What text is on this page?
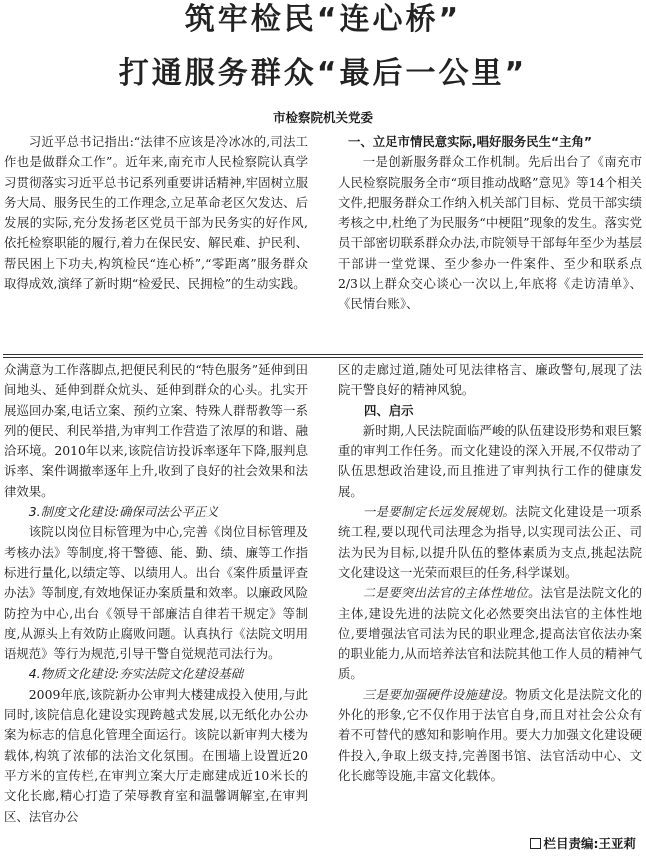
筑牢检民“连心桥”
打通服务群众“最后一公里”
市检察院机关党委

习近平总书记指出:“法律不应该是冷冰冰的,司法工作也是做群众工作”。近年来,南充市人民检察院认真学习贯彻落实习近平总书记系列重要讲话精神,牢固树立服务大局、服务民生的工作理念,立足革命老区欠发达、后发展的实际,充分发扬老区党员干部为民务实的好作风,依托检察职能的履行,着力在保民安、解民难、护民利、帮民困上下功夫,构筑检民“连心桥”,“零距离”服务群众取得成效,演绎了新时期“检爱民、民拥检”的生动实践。

一、立足市情民意实际,唱好服务民生“主角”

一是创新服务群众工作机制。先后出台了《南充市人民检察院服务全市“项目推动战略”意见》等14个相关文件,把服务群众工作纳入机关部门目标、党员干部实绩考核之中,杜绝了为民服务“中梗阻”现象的发生。落实党员干部密切联系群众办法,市院领导干部每年至少为基层干部讲一堂党课、至少参办一件案件、至少和联系点2/3以上群众交心谈心一次以上,年底将《走访清单》、《民情台账》、

众满意为工作落脚点,把便民利民的“特色服务”延伸到田间地头、延伸到群众炕头、延伸到群众的心头。扎实开展巡回办案,电话立案、预约立案、特殊人群帮教等一系列的便民、利民举措,为审判工作营造了浓厚的和谐、融洽环境。2010年以来,该院信访投诉率逐年下降,服判息诉率、案件调撤率逐年上升,收到了良好的社会效果和法律效果。

3.制度文化建设:确保司法公平正义

该院以岗位目标管理为中心,完善《岗位目标管理及考核办法》等制度,将干警德、能、勤、绩、廉等工作指标进行量化,以绩定等、以绩用人。出台《案件质量评查办法》等制度,有效地保证办案质量和效率。以廉政风险防控为中心,出台《领导干部廉洁自律若干规定》等制度,从源头上有效防止腐败问题。认真执行《法院文明用语规范》等行为规范,引导干警自觉规范司法行为。

4.物质文化建设:夯实法院文化建设基础

2009年底,该院新办公审判大楼建成投入使用,与此同时,该院信息化建设实现跨越式发展,以无纸化办公办案为标志的信息化管理全面运行。该院以新审判大楼为载体,构筑了浓郁的法治文化氛围。在围墙上设置近20平方米的宣传栏,在审判立案大厅走廊建成近10米长的文化长廊,精心打造了荣辱教育室和温馨调解室,在审判区、法官办公

区的走廊过道,随处可见法律格言、廉政警句,展现了法院干警良好的精神风貌。

四、启示

新时期,人民法院面临严峻的队伍建设形势和艰巨繁重的审判工作任务。而文化建设的深入开展,不仅带动了队伍思想政治建设,而且推进了审判执行工作的健康发展。

一是要制定长远发展规划。法院文化建设是一项系统工程,要以现代司法理念为指导,以实现司法公正、司法为民为目标,以提升队伍的整体素质为支点,挑起法院文化建设这一光荣而艰巨的任务,科学谋划。

二是要突出法官的主体性地位。法官是法院文化的主体,建设先进的法院文化必然要突出法官的主体性地位,要增强法官司法为民的职业理念,提高法官依法办案的职业能力,从而培养法官和法院其他工作人员的精神气质。

三是要加强硬件设施建设。物质文化是法院文化的外化的形象,它不仅作用于法官自身,而且对社会公众有着不可替代的感知和影响作用。要大力加强文化建设硬件投入,争取上级支持,完善图书馆、法官活动中心、文化长廊等设施,丰富文化载体。

栏目责编:王亚莉
